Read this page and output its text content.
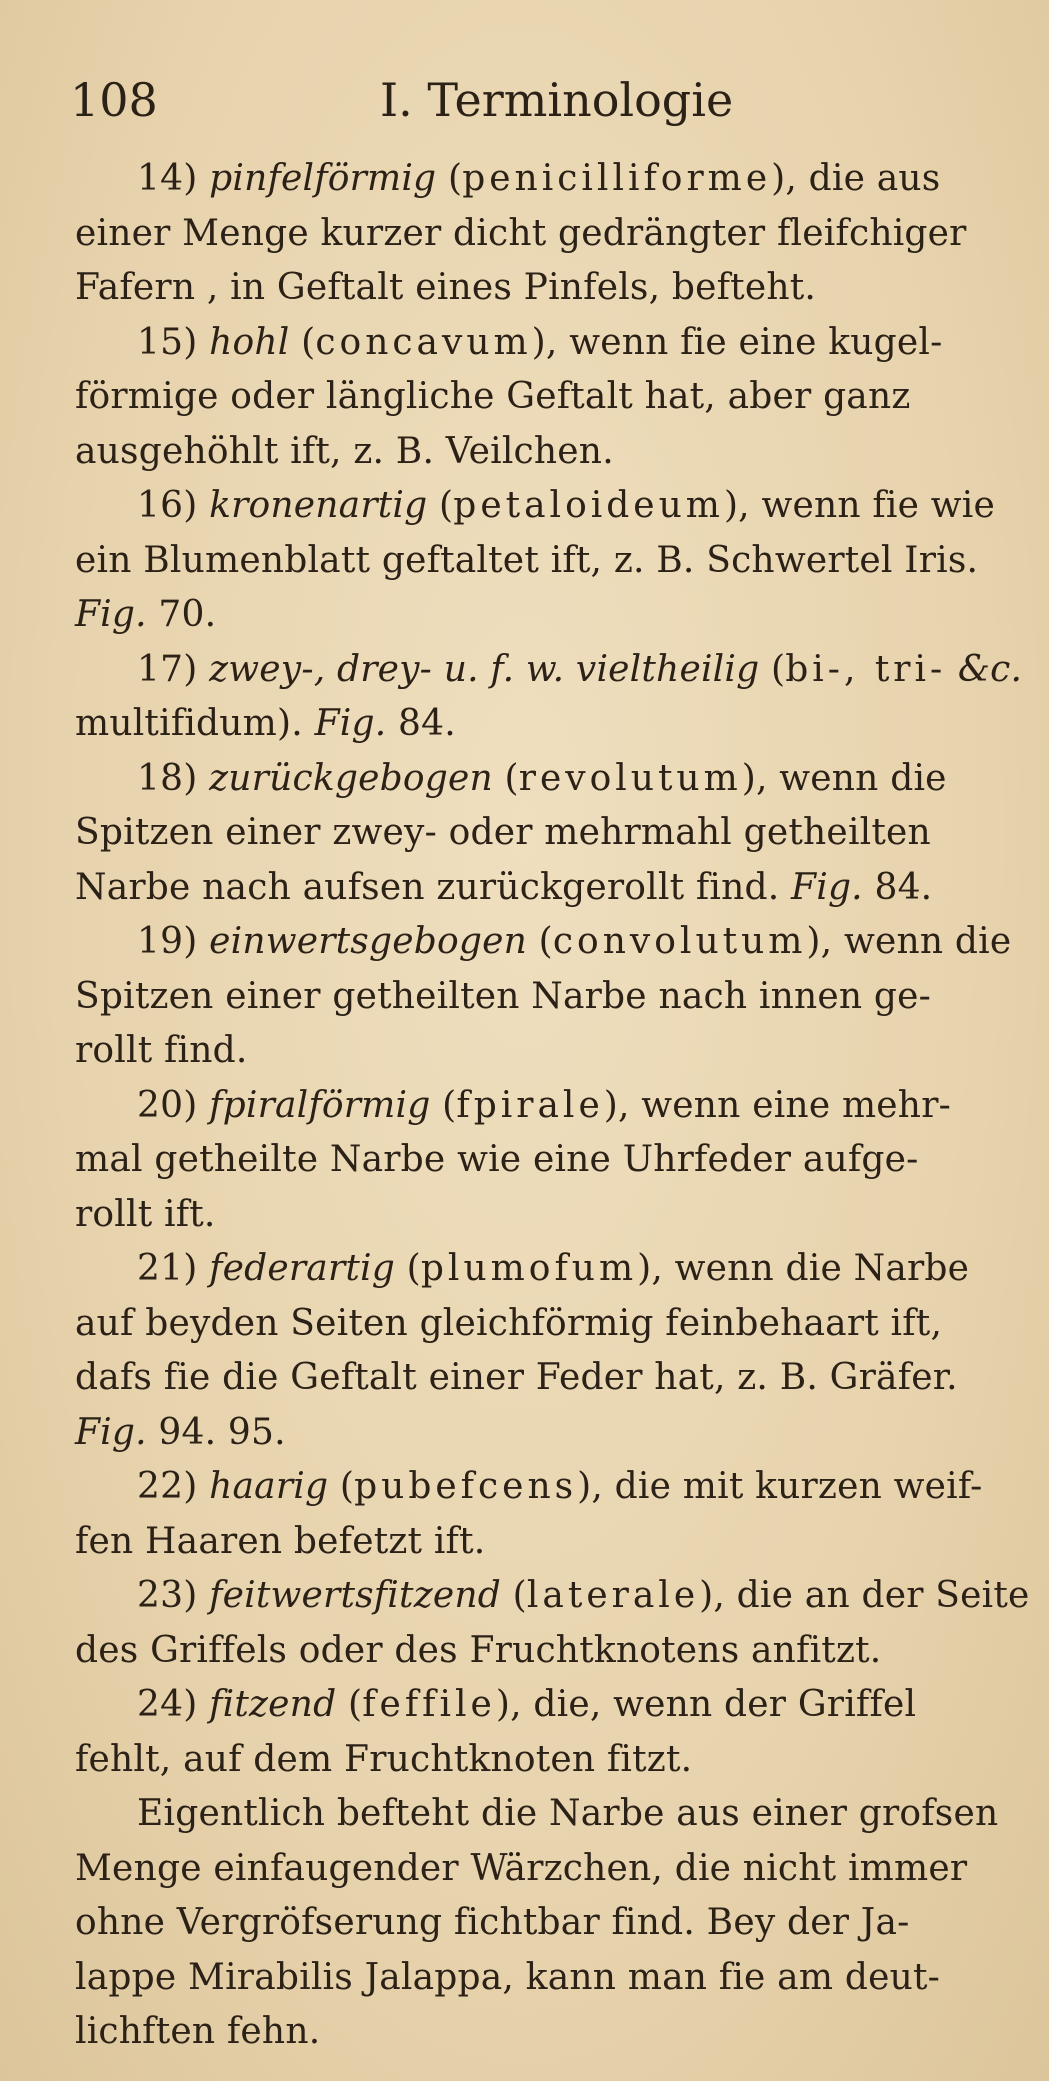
108	I. Terminologie
14) pinfelförmig (penicilliforme), die aus
einer Menge kurzer dicht gedrängter fleifchiger
Fafern , in Geftalt eines Pinfels, befteht.
15) hohl (concavum), wenn fie eine kugel-
förmige oder längliche Geftalt hat, aber ganz
ausgehöhlt ift, z. B. Veilchen.
16) kronenartig (petaloideum), wenn fie wie
ein Blumenblatt geftaltet ift, z. B. Schwertel Iris.
Fig. 70.
17) zwey-, drey- u. f. w. vieltheilig (bi-, tri- &c.
multifidum). Fig. 84.
18) zurückgebogen (revolutum), wenn die
Spitzen einer zwey- oder mehrmahl getheilten
Narbe nach aufsen zurückgerollt find. Fig. 84.
19) einwertsgebogen (convolutum), wenn die
Spitzen einer getheilten Narbe nach innen ge-
rollt find.
20) fpiralförmig (fpirale), wenn eine mehr-
mal getheilte Narbe wie eine Uhrfeder aufge-
rollt ift.
21) federartig (plumofum), wenn die Narbe
auf beyden Seiten gleichförmig feinbehaart ift,
dafs fie die Geftalt einer Feder hat, z. B. Gräfer.
Fig. 94. 95.
22) haarig (pubefcens), die mit kurzen weif-
fen Haaren befetzt ift.
23) feitwertsfitzend (laterale), die an der Seite
des Griffels oder des Fruchtknotens anfitzt.
24) fitzend (feffile), die, wenn der Griffel
fehlt, auf dem Fruchtknoten fitzt.
Eigentlich befteht die Narbe aus einer grofsen
Menge einfaugender Wärzchen, die nicht immer
ohne Vergröfserung fichtbar find. Bey der Ja-
lappe Mirabilis Jalappa, kann man fie am deut-
lichften fehn.
